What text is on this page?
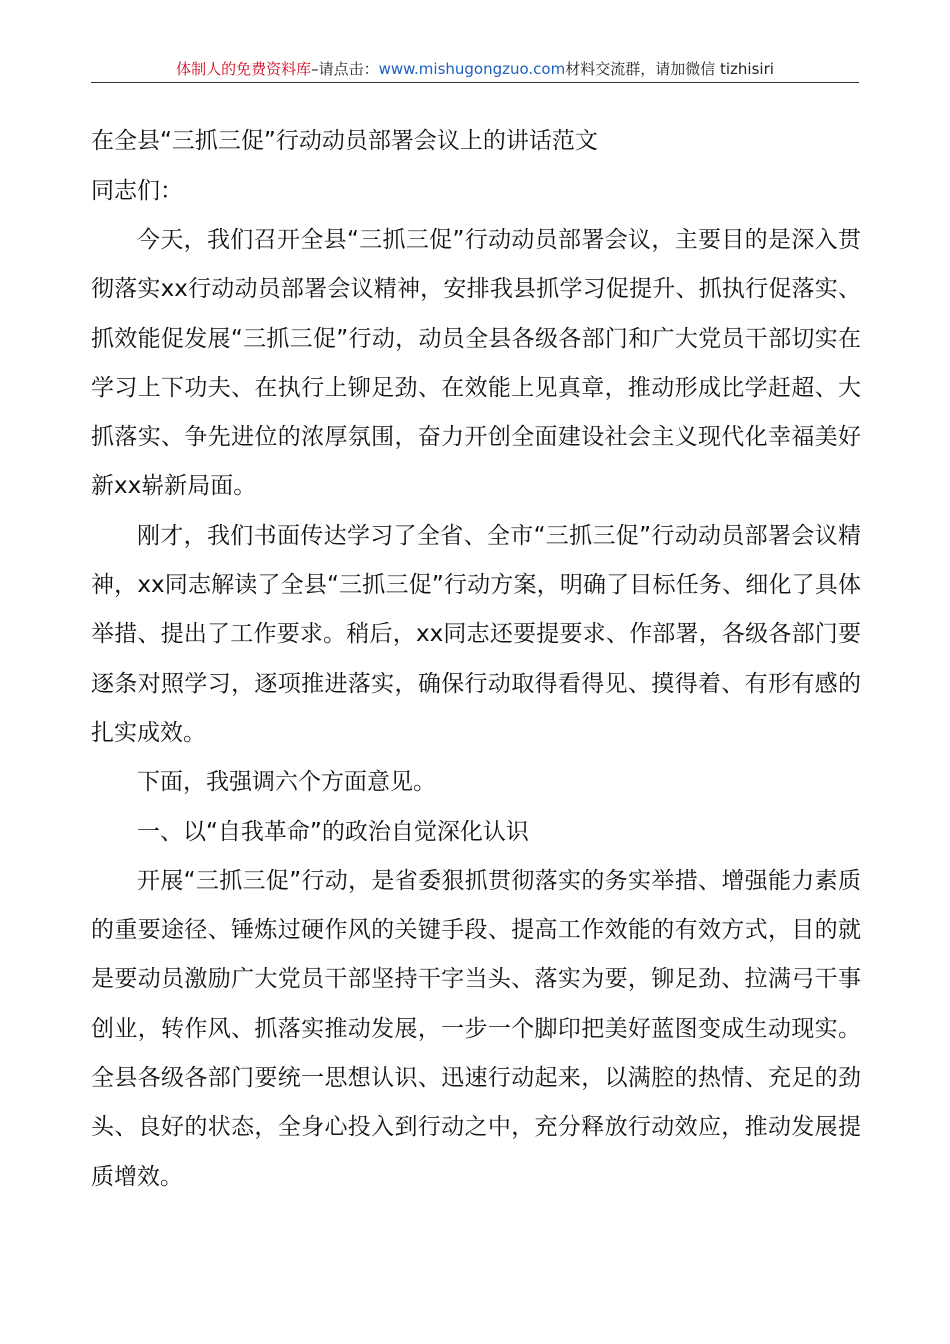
体制人的免费资料库–请点击：www.mishugongzuo.com材料交流群，请加微信 tizhisiri
在全县“三抓三促”行动动员部署会议上的讲话范文

同志们：

今天，我们召开全县“三抓三促”行动动员部署会议，主要目的是深入贯彻落实xx行动动员部署会议精神，安排我县抓学习促提升、抓执行促落实、抓效能促发展“三抓三促”行动，动员全县各级各部门和广大党员干部切实在学习上下功夫、在执行上铆足劲、在效能上见真章，推动形成比学赶超、大抓落实、争先进位的浓厚氛围，奋力开创全面建设社会主义现代化幸福美好新xx崭新局面。

刚才，我们书面传达学习了全省、全市“三抓三促”行动动员部署会议精神，xx同志解读了全县“三抓三促”行动方案，明确了目标任务、细化了具体举措、提出了工作要求。稍后，xx同志还要提要求、作部署，各级各部门要逐条对照学习，逐项推进落实，确保行动取得看得见、摸得着、有形有感的扎实成效。

下面，我强调六个方面意见。

一、以“自我革命”的政治自觉深化认识

开展“三抓三促”行动，是省委狠抓贯彻落实的务实举措、增强能力素质的重要途径、锤炼过硬作风的关键手段、提高工作效能的有效方式，目的就是要动员激励广大党员干部坚持干字当头、落实为要，铆足劲、拉满弓干事创业，转作风、抓落实推动发展，一步一个脚印把美好蓝图变成生动现实。全县各级各部门要统一思想认识、迅速行动起来，以满腔的热情、充足的劲头、良好的状态，全身心投入到行动之中，充分释放行动效应，推动发展提质增效。
